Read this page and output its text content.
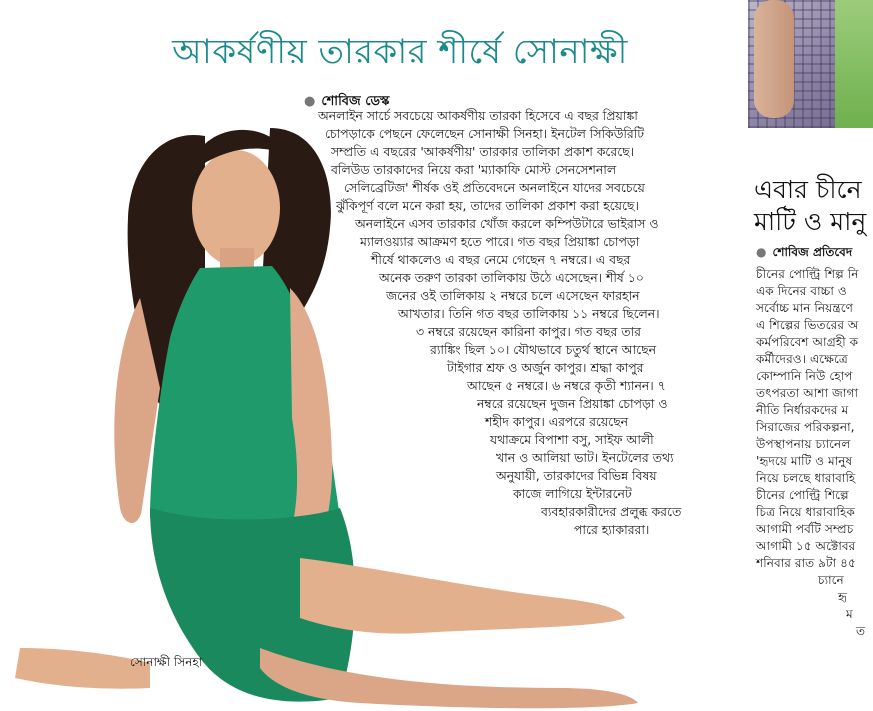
আকর্ষণীয় তারকার শীর্ষে সোনাক্ষী
● শোবিজ ডেস্ক
অনলাইন সার্চে সবচেয়ে আকর্ষণীয় তারকা হিসেবে এ বছর প্রিয়াঙ্কা
চোপড়াকে পেছনে ফেলেছেন সোনাক্ষী সিনহা। ইনটেল সিকিউরিটি
সম্প্রতি এ বছরের 'আকর্ষণীয়' তারকার তালিকা প্রকাশ করেছে।
বলিউড তারকাদের নিয়ে করা 'ম্যাকাফি মোস্ট সেনসেশনাল
সেলিব্রেটিজ' শীর্ষক ওই প্রতিবেদনে অনলাইনে যাদের সবচেয়ে
ঝুঁকিপূর্ণ বলে মনে করা হয়, তাদের তালিকা প্রকাশ করা হয়েছে।
অনলাইনে এসব তারকার খোঁজ করলে কম্পিউটারে ভাইরাস ও
ম্যালওয়্যার আক্রমণ হতে পারে। গত বছর প্রিয়াঙ্কা চোপড়া
শীর্ষে থাকলেও এ বছর নেমে গেছেন ৭ নম্বরে। এ বছর
অনেক তরুণ তারকা তালিকায় উঠে এসেছেন। শীর্ষ ১০
জনের ওই তালিকায় ২ নম্বরে চলে এসেছেন ফারহান
আখতার। তিনি গত বছর তালিকায় ১১ নম্বরে ছিলেন।
৩ নম্বরে রয়েছেন কারিনা কাপুর। গত বছর তার
র‍্যাঙ্কিং ছিল ১০। যৌথভাবে চতুর্থ স্থানে আছেন
টাইগার শ্রফ ও অর্জুন কাপুর। শ্রদ্ধা কাপুর
আছেন ৫ নম্বরে। ৬ নম্বরে কৃতী শ্যানন। ৭
নম্বরে রয়েছেন দুজন প্রিয়াঙ্কা চোপড়া ও
শহীদ কাপুর। এরপরে রয়েছেন
যথাক্রমে বিপাশা বসু, সাইফ আলী
খান ও আলিয়া ভাট। ইনটেলের তথ্য
অনুযায়ী, তারকাদের বিভিন্ন বিষয়
কাজে লাগিয়ে ইন্টারনেট
ব্যবহারকারীদের প্রলুব্ধ করতে
পারে হ্যাকাররা।
সোনাক্ষী সিনহা
এবার চীনে
মাটি ও মানু
● শোবিজ প্রতিবেদ
চীনের পোল্ট্রি শিল্প নি
এক দিনের বাচ্চা ও
সর্বোচ্চ মান নিয়ন্ত্রণে
এ শিল্পের ভিতরের অ
কর্মপরিবেশ আগ্রহী ক
কর্মীদেরও। এক্ষেত্রে
কোম্পানি নিউ হোপ
তৎপরতা আশা জাগা
নীতি নির্ধারকদের ম
সিরাজের পরিকল্পনা,
উপস্থাপনায় চ্যানেল
'হৃদয়ে মাটি ও মানুষ
নিয়ে চলছে ধারাবাহি
চীনের পোল্ট্রি শিল্পে
চিত্র নিয়ে ধারাবাহিক
আগামী পর্বটি সম্প্রচ
আগামী ১৫ অক্টোবর
শনিবার রাত ৯টা ৪৫
চ্যানে
হৃ
ম
ত
